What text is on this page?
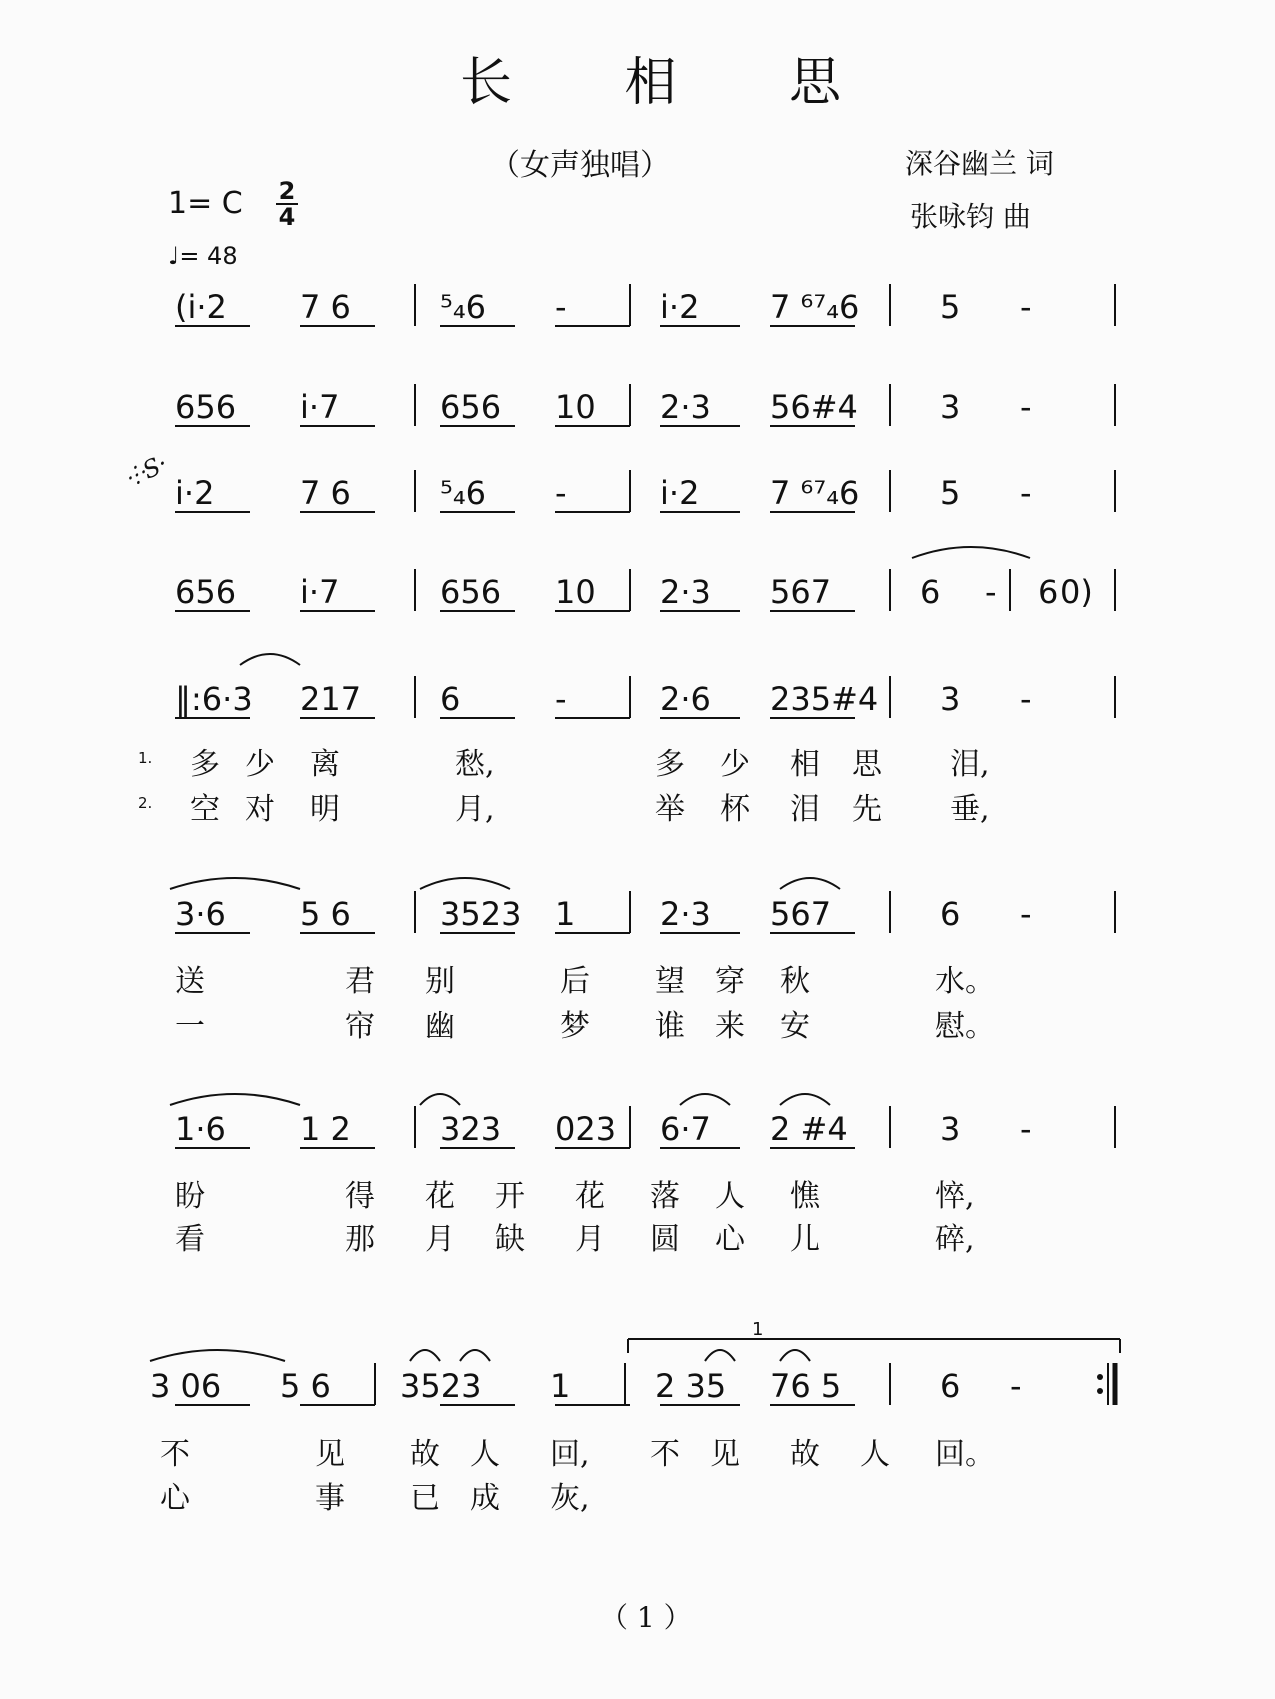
长 相 思
（女声独唱）	深谷幽兰 词
张咏钧 曲
1= C 2
4
♩= 48
(i·2 7 6	⁵₄6 -	i·2 7 ⁶⁷₄6	5 -
656 i·7	656 10 2·3 56#4	3 -
i·2	7 6	⁵₄6 -	i·2 7 ⁶⁷₄6	5 -
⸭S·
656 i·7	656 10 2·3 567	6 - 6 0)
‖:6·3 217 6	-	2·6 235#4 3 -
3·6 5 6	3523 1	2·3 567	6 -
1·6 1 2	323 023 6·7 2 #4	3 -
3 06 5 6 3523 1	2 35 76 5	6 -
1
1. 多 少 离	愁,	多 少 相 思 泪,
2. 空 对 明	月,	举 杯 泪 先 垂,
送	君 别	后 望 穿 秋	水。
一	帘 幽	梦 谁 来 安	慰。
盼	得 花 开 花 落 人 憔	悴,
看	那 月 缺 月 圆 心 儿	碎,
不	见 故 人 回, 不 见 故 人 回。
心	事 已 成 灰,
（ 1 ）
